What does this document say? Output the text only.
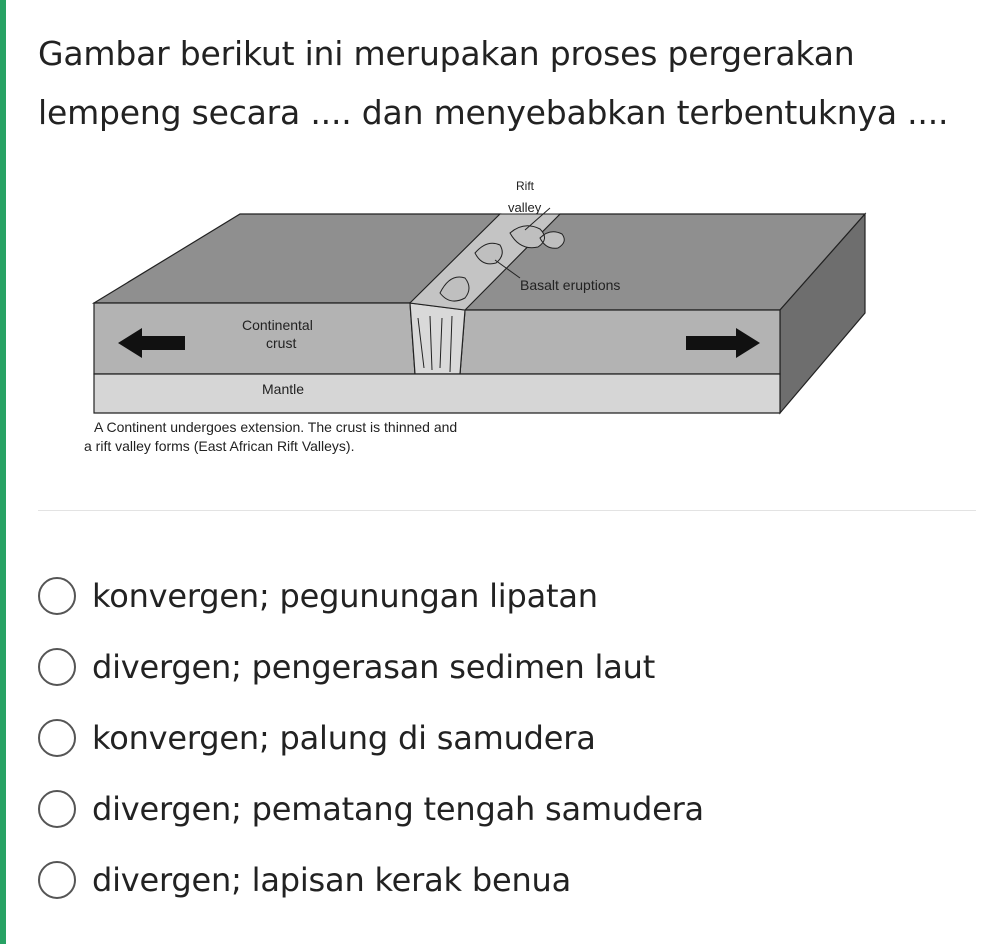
Gambar berikut ini merupakan proses pergerakan
lempeng secara .... dan menyebabkan terbentuknya ....
Rift
valley
Basalt eruptions
Continental
crust
Mantle
A Continent undergoes extension. The crust is thinned and
a rift valley forms (East African Rift Valleys).
konvergen; pegunungan lipatan
divergen; pengerasan sedimen laut
konvergen; palung di samudera
divergen; pematang tengah samudera
divergen; lapisan kerak benua
